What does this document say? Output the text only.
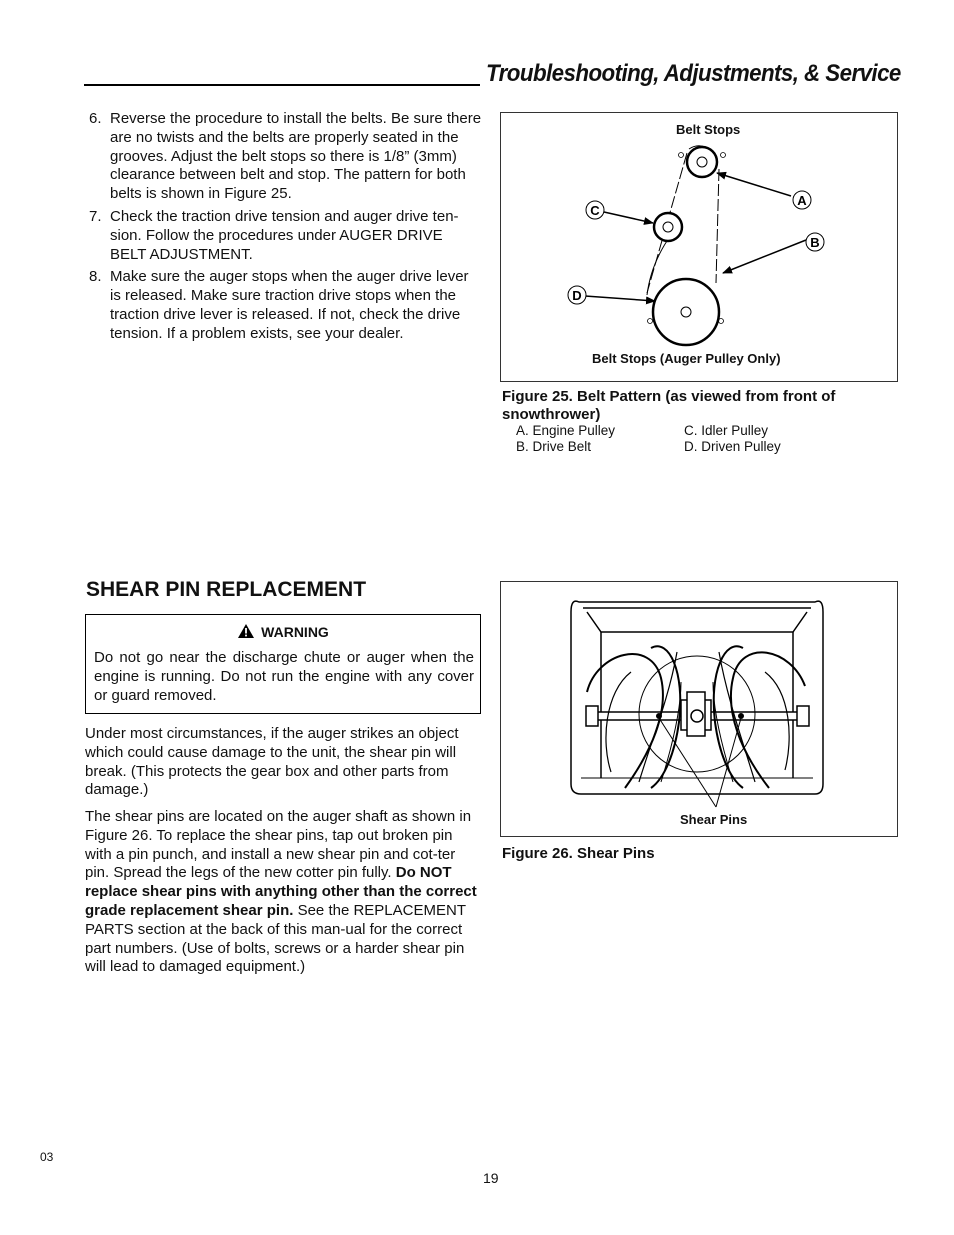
Troubleshooting, Adjustments, & Service
6. Reverse the procedure to install the belts. Be sure there are no twists and the belts are properly seated in the grooves. Adjust the belt stops so there is 1/8” (3mm) clearance between belt and stop. The pattern for both belts is shown in Figure 25.
7. Check the traction drive tension and auger drive ten-sion. Follow the procedures under AUGER DRIVE BELT ADJUSTMENT.
8. Make sure the auger stops when the auger drive lever is released. Make sure traction drive stops when the traction drive lever is released. If not, check the drive tension. If a problem exists, see your dealer.
A
B
C
D
Belt Stops
Belt Stops (Auger Pulley Only)
Figure 25. Belt Pattern (as viewed from front of snowthrower)
A. Engine Pulley
B. Drive Belt
C. Idler Pulley
D. Driven Pulley
SHEAR PIN REPLACEMENT
WARNING
Do not go near the discharge chute or auger when the engine is running. Do not run the engine with any cover or guard removed.
Under most circumstances, if the auger strikes an object which could cause damage to the unit, the shear pin will break. (This protects the gear box and other parts from damage.)
The shear pins are located on the auger shaft as shown in Figure 26. To replace the shear pins, tap out broken pin with a pin punch, and install a new shear pin and cot-ter pin. Spread the legs of the new cotter pin fully. Do NOT replace shear pins with anything other than the correct grade replacement shear pin. See the REPLACEMENT PARTS section at the back of this man-ual for the correct part numbers. (Use of bolts, screws or a harder shear pin will lead to damaged equipment.)
Shear Pins
Figure 26. Shear Pins
03
19
